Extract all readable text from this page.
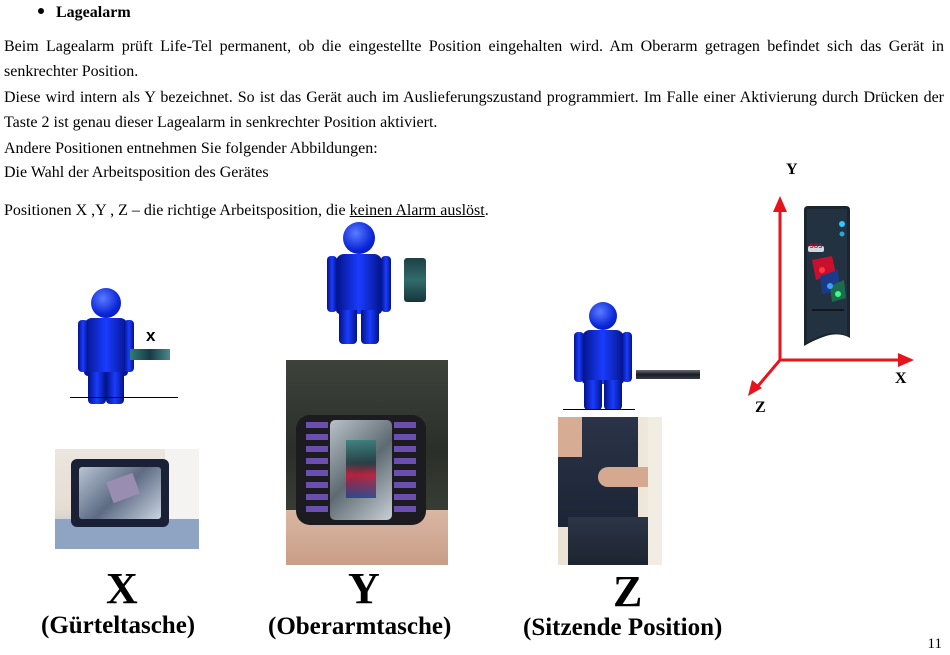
Lagealarm
Beim Lagealarm prüft Life-Tel permanent, ob die eingestellte Position eingehalten wird. Am Oberarm getragen befindet sich das Gerät in senkrechter Position.
Diese wird intern als Y bezeichnet. So ist das Gerät auch im Auslieferungszustand programmiert. Im Falle einer Aktivierung durch Drücken der Taste 2 ist genau dieser Lagealarm in senkrechter Position aktiviert.
Andere Positionen entnehmen Sie folgender Abbildungen:
Die Wahl der Arbeitsposition des Gerätes
Positionen X ,Y , Z – die richtige Arbeitsposition, die keinen Alarm auslöst.
x
SOS
Y
X
Z
X	Y	Z
(Gürteltasche)	(Oberarmtasche)	(Sitzende Position)
11
